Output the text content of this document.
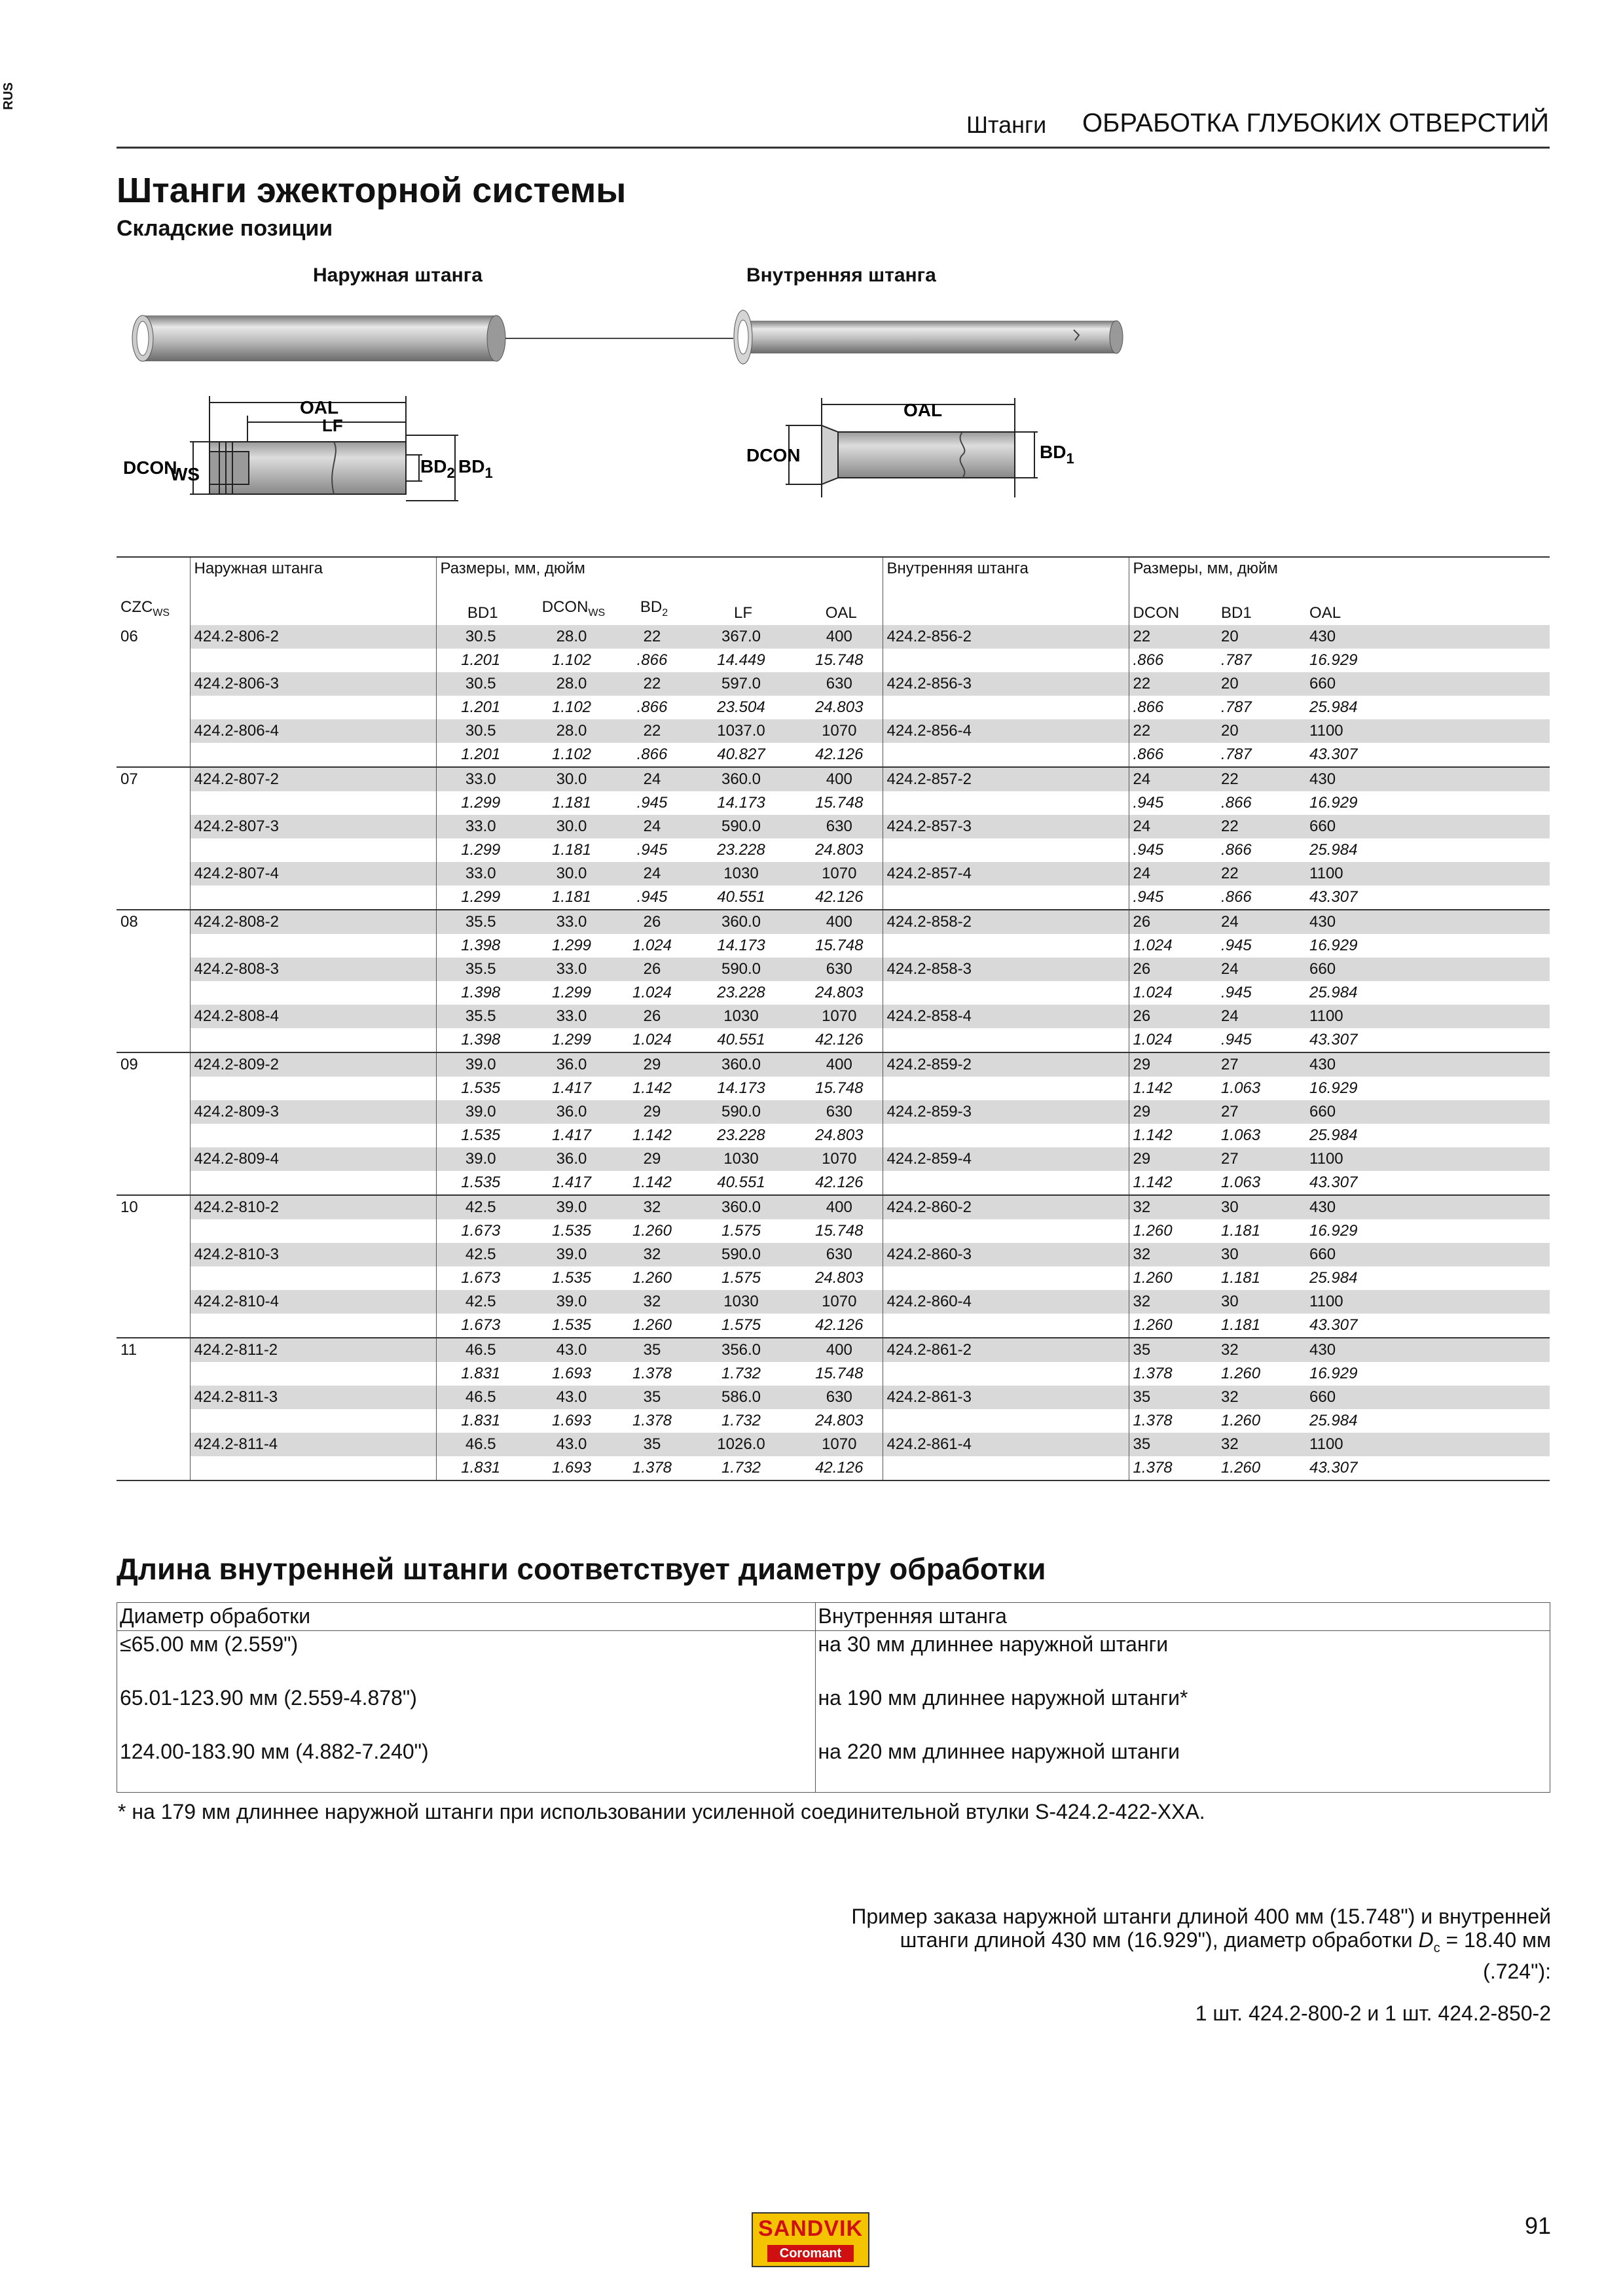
RUS
Штанги ОБРАБОТКА ГЛУБОКИХ ОТВЕРСТИЙ
Штанги эжекторной системы
Складские позиции
Наружная штанга	Внутренняя штанга
OAL
LF
DCON
WS	$BD_2$ $BD_1$
OAL
DCON	$BD_1$
	Наружная штанга	Размеры, мм, дюйм					Внутренняя штанга	Размеры, мм, дюйм		
$CZC_{WS}$		BD1	$DCON_{WS}$	$BD_2$	LF	OAL		DCON	BD1	OAL
06	424.2-806-2	30.5	28.0	22	367.0	400	424.2-856-2	22	20	430
		1.201	1.102	.866	14.449	15.748		.866	.787	16.929
	424.2-806-3	30.5	28.0	22	597.0	630	424.2-856-3	22	20	660
		1.201	1.102	.866	23.504	24.803		.866	.787	25.984
	424.2-806-4	30.5	28.0	22	1037.0	1070	424.2-856-4	22	20	1100
		1.201	1.102	.866	40.827	42.126		.866	.787	43.307
07	424.2-807-2	33.0	30.0	24	360.0	400	424.2-857-2	24	22	430
		1.299	1.181	.945	14.173	15.748		.945	.866	16.929
	424.2-807-3	33.0	30.0	24	590.0	630	424.2-857-3	24	22	660
		1.299	1.181	.945	23.228	24.803		.945	.866	25.984
	424.2-807-4	33.0	30.0	24	1030	1070	424.2-857-4	24	22	1100
		1.299	1.181	.945	40.551	42.126		.945	.866	43.307
08	424.2-808-2	35.5	33.0	26	360.0	400	424.2-858-2	26	24	430
		1.398	1.299	1.024	14.173	15.748		1.024	.945	16.929
	424.2-808-3	35.5	33.0	26	590.0	630	424.2-858-3	26	24	660
		1.398	1.299	1.024	23.228	24.803		1.024	.945	25.984
	424.2-808-4	35.5	33.0	26	1030	1070	424.2-858-4	26	24	1100
		1.398	1.299	1.024	40.551	42.126		1.024	.945	43.307
09	424.2-809-2	39.0	36.0	29	360.0	400	424.2-859-2	29	27	430
		1.535	1.417	1.142	14.173	15.748		1.142	1.063	16.929
	424.2-809-3	39.0	36.0	29	590.0	630	424.2-859-3	29	27	660
		1.535	1.417	1.142	23.228	24.803		1.142	1.063	25.984
	424.2-809-4	39.0	36.0	29	1030	1070	424.2-859-4	29	27	1100
		1.535	1.417	1.142	40.551	42.126		1.142	1.063	43.307
10	424.2-810-2	42.5	39.0	32	360.0	400	424.2-860-2	32	30	430
		1.673	1.535	1.260	1.575	15.748		1.260	1.181	16.929
	424.2-810-3	42.5	39.0	32	590.0	630	424.2-860-3	32	30	660
		1.673	1.535	1.260	1.575	24.803		1.260	1.181	25.984
	424.2-810-4	42.5	39.0	32	1030	1070	424.2-860-4	32	30	1100
		1.673	1.535	1.260	1.575	42.126		1.260	1.181	43.307
11	424.2-811-2	46.5	43.0	35	356.0	400	424.2-861-2	35	32	430
		1.831	1.693	1.378	1.732	15.748		1.378	1.260	16.929
	424.2-811-3	46.5	43.0	35	586.0	630	424.2-861-3	35	32	660
		1.831	1.693	1.378	1.732	24.803		1.378	1.260	25.984
	424.2-811-4	46.5	43.0	35	1026.0	1070	424.2-861-4	35	32	1100
		1.831	1.693	1.378	1.732	42.126		1.378	1.260	43.307
Длина внутренней штанги соответствует диаметру обработки
Диаметр обработки	Внутренняя штанга
≤65.00 мм (2.559")	на 30 мм длиннее наружной штанги
65.01-123.90 мм (2.559-4.878")	на 190 мм длиннее наружной штанги*
124.00-183.90 мм (4.882-7.240")	на 220 мм длиннее наружной штанги
* на 179 мм длиннее наружной штанги при использовании усиленной соединительной втулки S-424.2-422-XXA.
Пример заказа наружной штанги длиной 400 мм (15.748") и внутренней
штанги длиной 430 мм (16.929"), диаметр обработки $D_c = 18.40$ мм
(.724"):
1 шт. 424.2-800-2 и 1 шт. 424.2-850-2
SANDVIK
Coromant
91
